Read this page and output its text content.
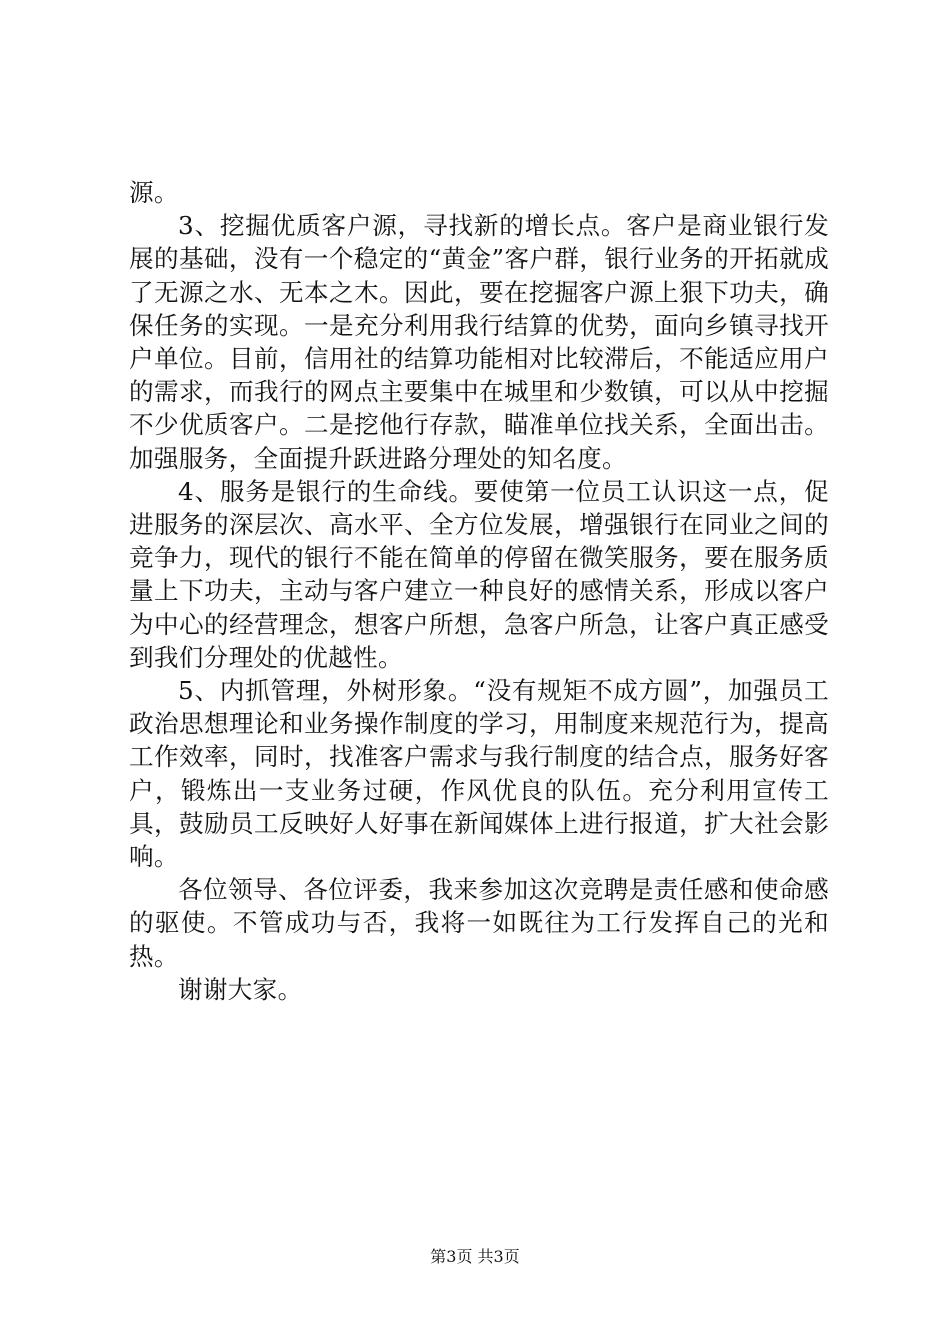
源。

3、挖掘优质客户源，寻找新的增长点。客户是商业银行发展的基础，没有一个稳定的“黄金”客户群，银行业务的开拓就成了无源之水、无本之木。因此，要在挖掘客户源上狠下功夫，确保任务的实现。一是充分利用我行结算的优势，面向乡镇寻找开户单位。目前，信用社的结算功能相对比较滞后，不能适应用户的需求，而我行的网点主要集中在城里和少数镇，可以从中挖掘不少优质客户。二是挖他行存款，瞄准单位找关系，全面出击。加强服务，全面提升跃进路分理处的知名度。

4、服务是银行的生命线。要使第一位员工认识这一点，促进服务的深层次、高水平、全方位发展，增强银行在同业之间的竞争力，现代的银行不能在简单的停留在微笑服务，要在服务质量上下功夫，主动与客户建立一种良好的感情关系，形成以客户为中心的经营理念，想客户所想，急客户所急，让客户真正感受到我们分理处的优越性。

5、内抓管理，外树形象。“没有规矩不成方圆”，加强员工政治思想理论和业务操作制度的学习，用制度来规范行为，提高工作效率，同时，找准客户需求与我行制度的结合点，服务好客户，锻炼出一支业务过硬，作风优良的队伍。充分利用宣传工具，鼓励员工反映好人好事在新闻媒体上进行报道，扩大社会影响。

各位领导、各位评委，我来参加这次竞聘是责任感和使命感的驱使。不管成功与否，我将一如既往为工行发挥自己的光和热。

谢谢大家。

第3页 共3页
